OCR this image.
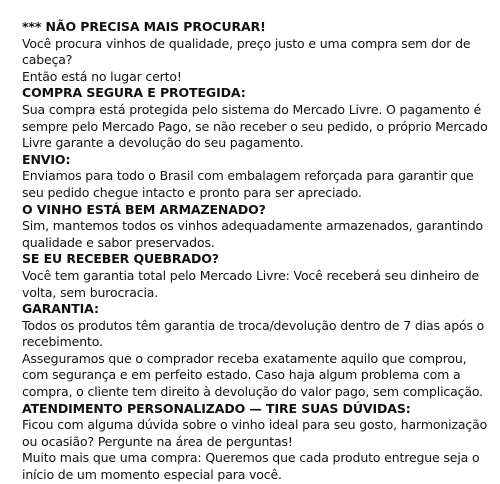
*** NÃO PRECISA MAIS PROCURAR!

Você procura vinhos de qualidade, preço justo e uma compra sem dor de cabeça?

Então está no lugar certo!

COMPRA SEGURA E PROTEGIDA:

Sua compra está protegida pelo sistema do Mercado Livre. O pagamento é sempre pelo Mercado Pago, se não receber o seu pedido, o próprio Mercado Livre garante a devolução do seu pagamento.

ENVIO:

Enviamos para todo o Brasil com embalagem reforçada para garantir que seu pedido chegue intacto e pronto para ser apreciado.

O VINHO ESTÁ BEM ARMAZENADO?

Sim, mantemos todos os vinhos adequadamente armazenados, garantindo qualidade e sabor preservados.

SE EU RECEBER QUEBRADO?

Você tem garantia total pelo Mercado Livre: Você receberá seu dinheiro de volta, sem burocracia.

GARANTIA:

Todos os produtos têm garantia de troca/devolução dentro de 7 dias após o recebimento.

Asseguramos que o comprador receba exatamente aquilo que comprou, com segurança e em perfeito estado. Caso haja algum problema com a compra, o cliente tem direito à devolução do valor pago, sem complicação.

ATENDIMENTO PERSONALIZADO — TIRE SUAS DÚVIDAS:

Ficou com alguma dúvida sobre o vinho ideal para seu gosto, harmonização ou ocasião? Pergunte na área de perguntas!

Muito mais que uma compra: Queremos que cada produto entregue seja o início de um momento especial para você.
